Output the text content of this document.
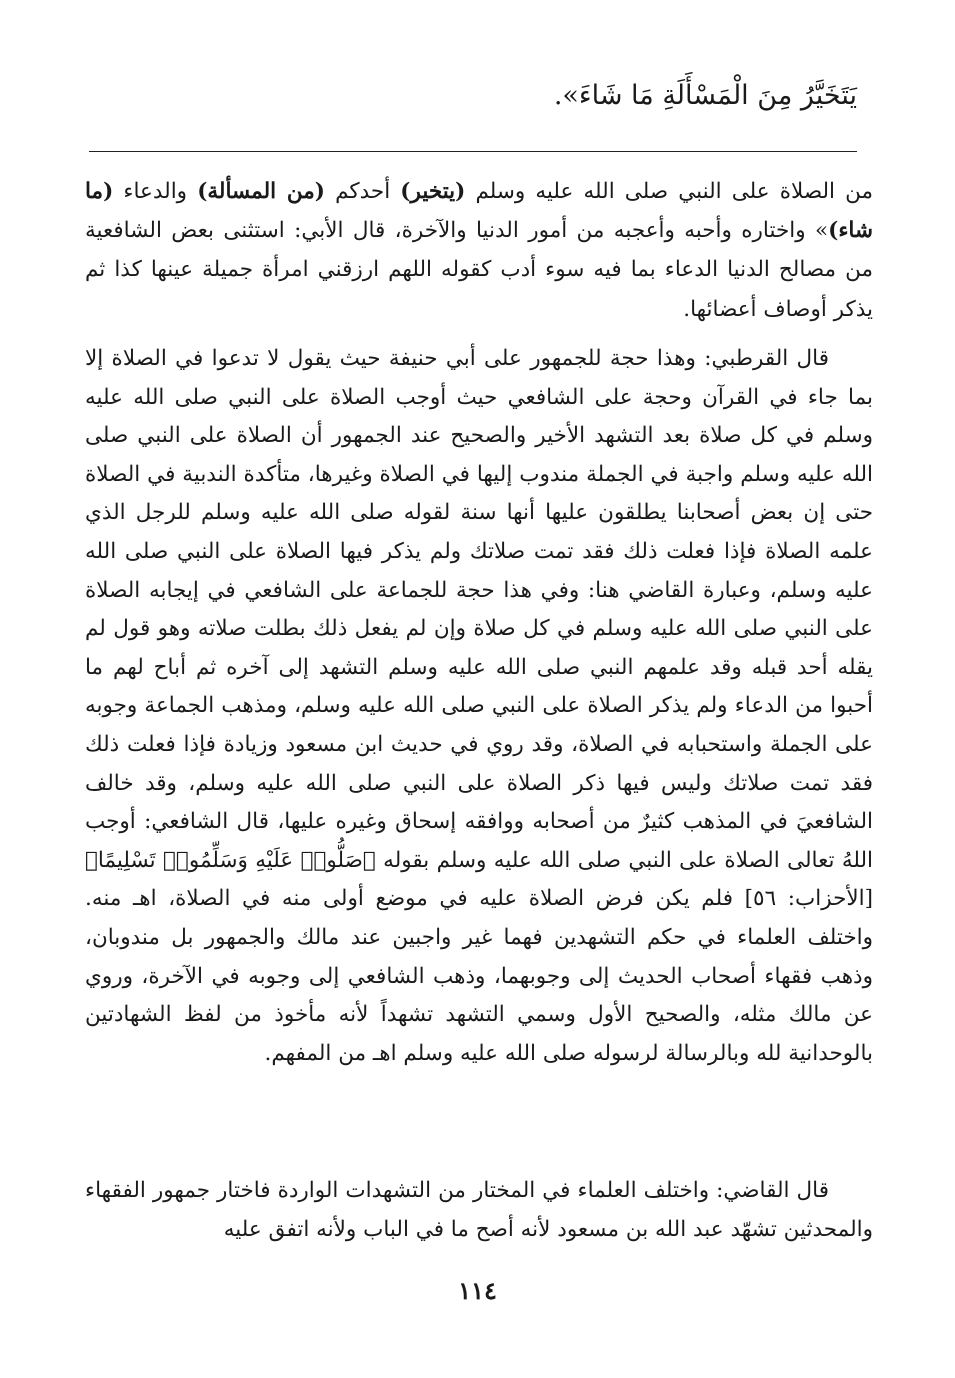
يَتَخَيَّرُ مِنَ الْمَسْأَلَةِ مَا شَاءَ».
من الصلاة على النبي صلى الله عليه وسلم (يتخير) أحدكم (من المسألة) والدعاء (ما شاء)» واختاره وأحبه وأعجبه من أمور الدنيا والآخرة، قال الأبي: استثنى بعض الشافعية من مصالح الدنيا الدعاء بما فيه سوء أدب كقوله اللهم ارزقني امرأة جميلة عينها كذا ثم يذكر أوصاف أعضائها.
قال القرطبي: وهذا حجة للجمهور على أبي حنيفة حيث يقول لا تدعوا في الصلاة إلا بما جاء في القرآن وحجة على الشافعي حيث أوجب الصلاة على النبي صلى الله عليه وسلم في كل صلاة بعد التشهد الأخير والصحيح عند الجمهور أن الصلاة على النبي صلى الله عليه وسلم واجبة في الجملة مندوب إليها في الصلاة وغيرها، متأكدة الندبية في الصلاة حتى إن بعض أصحابنا يطلقون عليها أنها سنة لقوله صلى الله عليه وسلم للرجل الذي علمه الصلاة فإذا فعلت ذلك فقد تمت صلاتك ولم يذكر فيها الصلاة على النبي صلى الله عليه وسلم، وعبارة القاضي هنا: وفي هذا حجة للجماعة على الشافعي في إيجابه الصلاة على النبي صلى الله عليه وسلم في كل صلاة وإن لم يفعل ذلك بطلت صلاته وهو قول لم يقله أحد قبله وقد علمهم النبي صلى الله عليه وسلم التشهد إلى آخره ثم أباح لهم ما أحبوا من الدعاء ولم يذكر الصلاة على النبي صلى الله عليه وسلم، ومذهب الجماعة وجوبه على الجملة واستحبابه في الصلاة، وقد روي في حديث ابن مسعود وزيادة فإذا فعلت ذلك فقد تمت صلاتك وليس فيها ذكر الصلاة على النبي صلى الله عليه وسلم، وقد خالف الشافعيَ في المذهب كثيرٌ من أصحابه ووافقه إسحاق وغيره عليها، قال الشافعي: أوجب اللهُ تعالى الصلاة على النبي صلى الله عليه وسلم بقوله ﴿صَلُّوا۟ عَلَيْهِ وَسَلِّمُوا۟ تَسْلِيمًا﴾ [الأحزاب: ٥٦] فلم يكن فرض الصلاة عليه في موضع أولى منه في الصلاة، اهـ منه. واختلف العلماء في حكم التشهدين فهما غير واجبين عند مالك والجمهور بل مندوبان، وذهب فقهاء أصحاب الحديث إلى وجوبهما، وذهب الشافعي إلى وجوبه في الآخرة، وروي عن مالك مثله، والصحيح الأول وسمي التشهد تشهداً لأنه مأخوذ من لفظ الشهادتين بالوحدانية لله وبالرسالة لرسوله صلى الله عليه وسلم اهـ من المفهم.
قال القاضي: واختلف العلماء في المختار من التشهدات الواردة فاختار جمهور الفقهاء والمحدثين تشهّد عبد الله بن مسعود لأنه أصح ما في الباب ولأنه اتفق عليه
١١٤
